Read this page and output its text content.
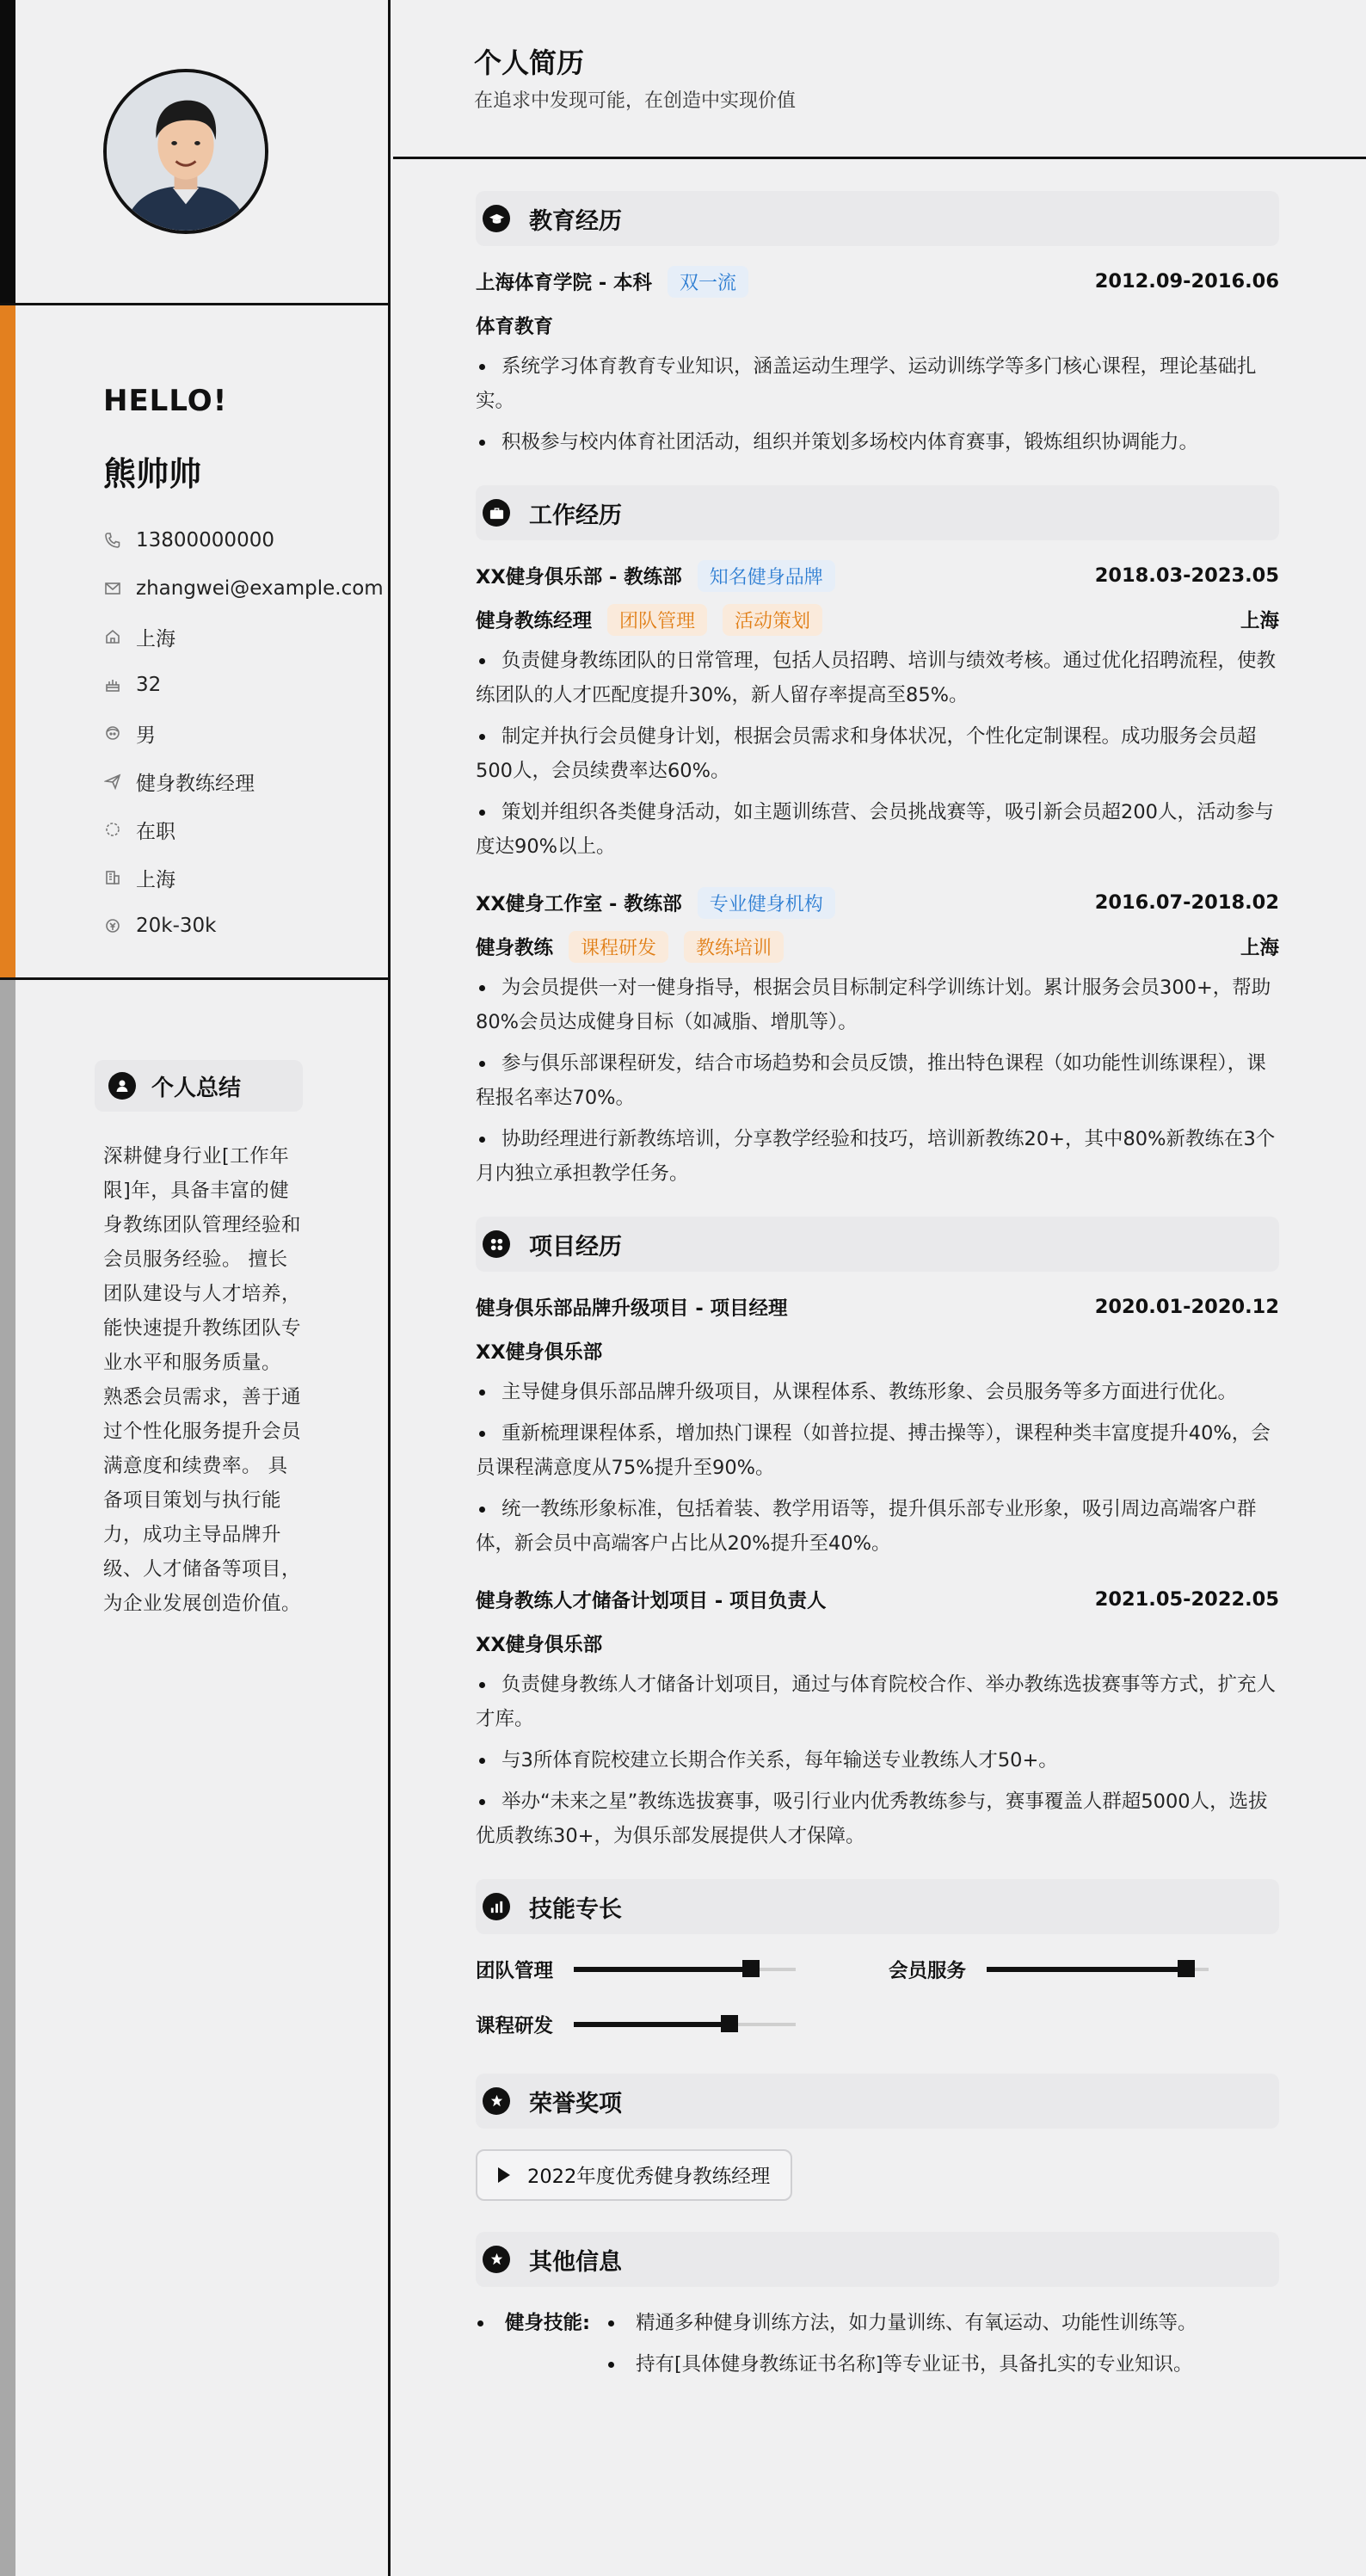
HELLO!
熊帅帅
13800000000
zhangwei@example.com
上海
32
男
健身教练经理
在职
上海
20k-30k
个人总结

深耕健身行业[工作年限]年，具备丰富的健身教练团队管理经验和会员服务经验。 擅长团队建设与人才培养，能快速提升教练团队专业水平和服务质量。 熟悉会员需求，善于通过个性化服务提升会员满意度和续费率。 具备项目策划与执行能力，成功主导品牌升级、人才储备等项目，为企业发展创造价值。

个人简历
在追求中发现可能，在创造中实现价值
教育经历
上海体育学院 - 本科	双一流	2012.09-2016.06
体育教育
系统学习体育教育专业知识，涵盖运动生理学、运动训练学等多门核心课程，理论基础扎实。
积极参与校内体育社团活动，组织并策划多场校内体育赛事，锻炼组织协调能力。
工作经历
XX健身俱乐部 - 教练部	知名健身品牌	2018.03-2023.05
健身教练经理	团队管理	活动策划	上海
负责健身教练团队的日常管理，包括人员招聘、培训与绩效考核。通过优化招聘流程，使教练团队的人才匹配度提升30%，新人留存率提高至85%。
制定并执行会员健身计划，根据会员需求和身体状况，个性化定制课程。成功服务会员超500人，会员续费率达60%。
策划并组织各类健身活动，如主题训练营、会员挑战赛等，吸引新会员超200人，活动参与度达90%以上。
XX健身工作室 - 教练部	专业健身机构	2016.07-2018.02
健身教练	课程研发	教练培训	上海
为会员提供一对一健身指导，根据会员目标制定科学训练计划。累计服务会员300+，帮助80%会员达成健身目标（如减脂、增肌等）。
参与俱乐部课程研发，结合市场趋势和会员反馈，推出特色课程（如功能性训练课程），课程报名率达70%。
协助经理进行新教练培训，分享教学经验和技巧，培训新教练20+，其中80%新教练在3个月内独立承担教学任务。
项目经历
健身俱乐部品牌升级项目 - 项目经理	2020.01-2020.12
XX健身俱乐部
主导健身俱乐部品牌升级项目，从课程体系、教练形象、会员服务等多方面进行优化。
重新梳理课程体系，增加热门课程（如普拉提、搏击操等），课程种类丰富度提升40%，会员课程满意度从75%提升至90%。
统一教练形象标准，包括着装、教学用语等，提升俱乐部专业形象，吸引周边高端客户群体，新会员中高端客户占比从20%提升至40%。
健身教练人才储备计划项目 - 项目负责人	2021.05-2022.05
XX健身俱乐部
负责健身教练人才储备计划项目，通过与体育院校合作、举办教练选拔赛事等方式，扩充人才库。
与3所体育院校建立长期合作关系，每年输送专业教练人才50+。
举办“未来之星”教练选拔赛事，吸引行业内优秀教练参与，赛事覆盖人群超5000人，选拔优质教练30+，为俱乐部发展提供人才保障。
技能专长
团队管理	会员服务
课程研发
荣誉奖项
2022年度优秀健身教练经理
其他信息
健身技能:	精通多种健身训练方法，如力量训练、有氧运动、功能性训练等。
持有[具体健身教练证书名称]等专业证书，具备扎实的专业知识。
